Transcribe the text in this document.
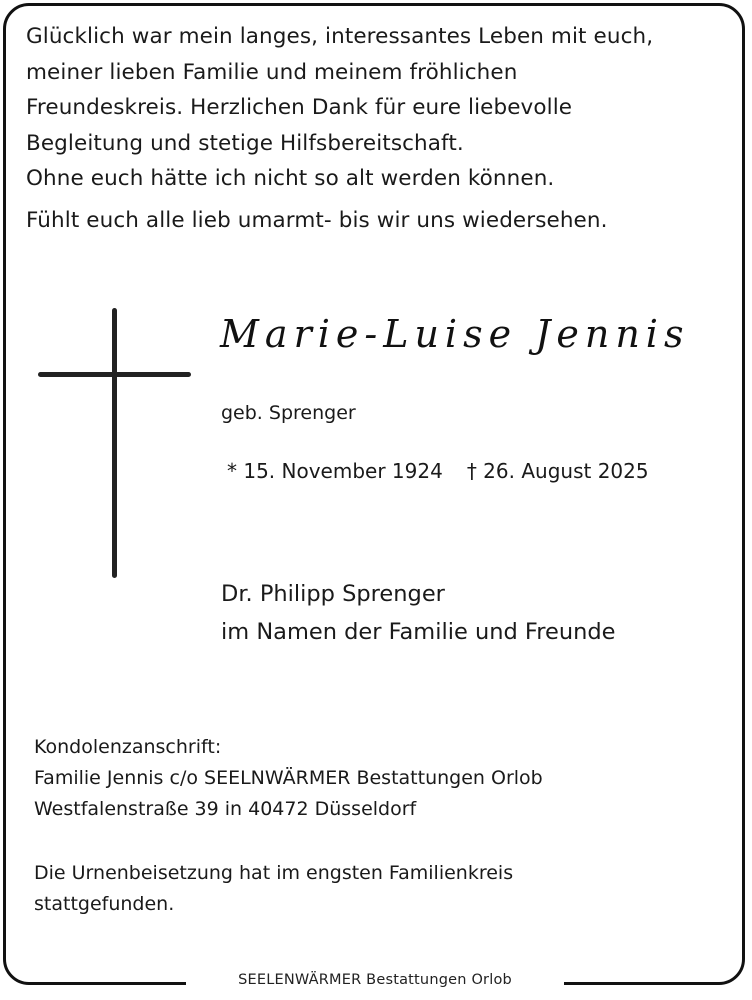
SEELENWÄRMER Bestattungen Orlob
Glücklich war mein langes, interessantes Leben mit euch,
meiner lieben Familie und meinem fröhlichen
Freundeskreis. Herzlichen Dank für eure liebevolle
Begleitung und stetige Hilfsbereitschaft.
Ohne euch hätte ich nicht so alt werden können.
Fühlt euch alle lieb umarmt- bis wir uns wiedersehen.
Marie-Luise Jennis
geb. Sprenger
* 15. November 1924 † 26. August 2025
Dr. Philipp Sprenger
im Namen der Familie und Freunde
Kondolenzanschrift:
Familie Jennis c/o SEELNWÄRMER Bestattungen Orlob
Westfalenstraße 39 in 40472 Düsseldorf
Die Urnenbeisetzung hat im engsten Familienkreis
stattgefunden.
